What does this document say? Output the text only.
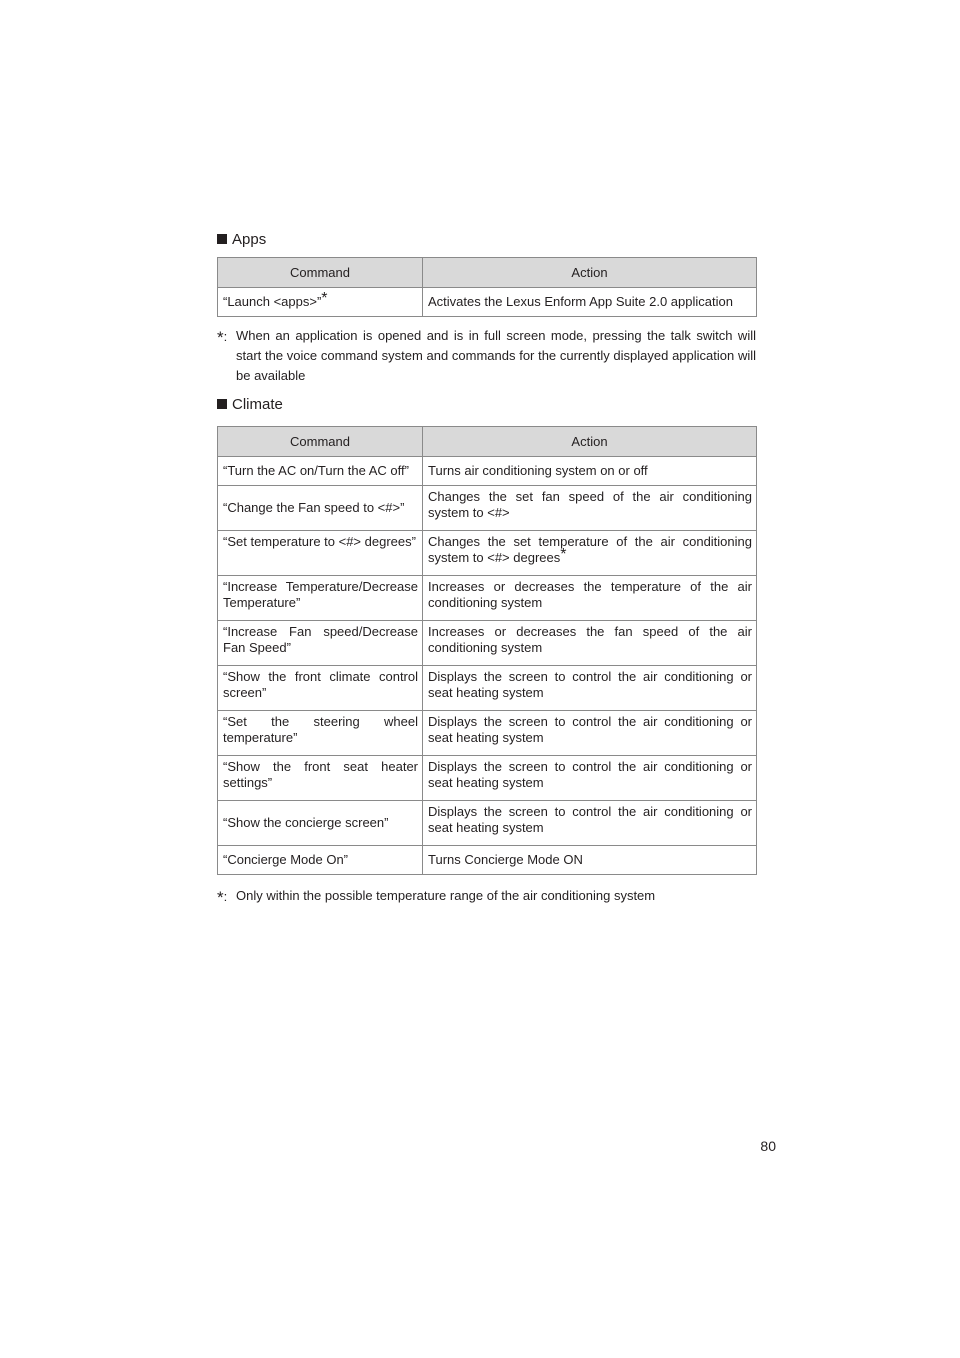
Apps
Command	Action
“Launch <apps>”*	Activates the Lexus Enform App Suite 2.0 application
*: When an application is opened and is in full screen mode, pressing the talk switch will start the voice command system and commands for the currently displayed application will be available
Climate
Command	Action
“Turn the AC on/Turn the AC off”	Turns air conditioning system on or off
“Change the Fan speed to <#>”	Changes the set fan speed of the air conditioning system to <#>
“Set temperature to <#> degrees”	Changes the set temperature of the air conditioning system to <#> degrees*
“Increase Temperature/Decrease Temperature”	Increases or decreases the temperature of the air conditioning system
“Increase Fan speed/Decrease Fan Speed”	Increases or decreases the fan speed of the air conditioning system
“Show the front climate control screen”	Displays the screen to control the air conditioning or seat heating system
“Set the steering wheel temperature”	Displays the screen to control the air conditioning or seat heating system
“Show the front seat heater settings”	Displays the screen to control the air conditioning or seat heating system
“Show the concierge screen”	Displays the screen to control the air conditioning or seat heating system
“Concierge Mode On”	Turns Concierge Mode ON
*: Only within the possible temperature range of the air conditioning system
80
